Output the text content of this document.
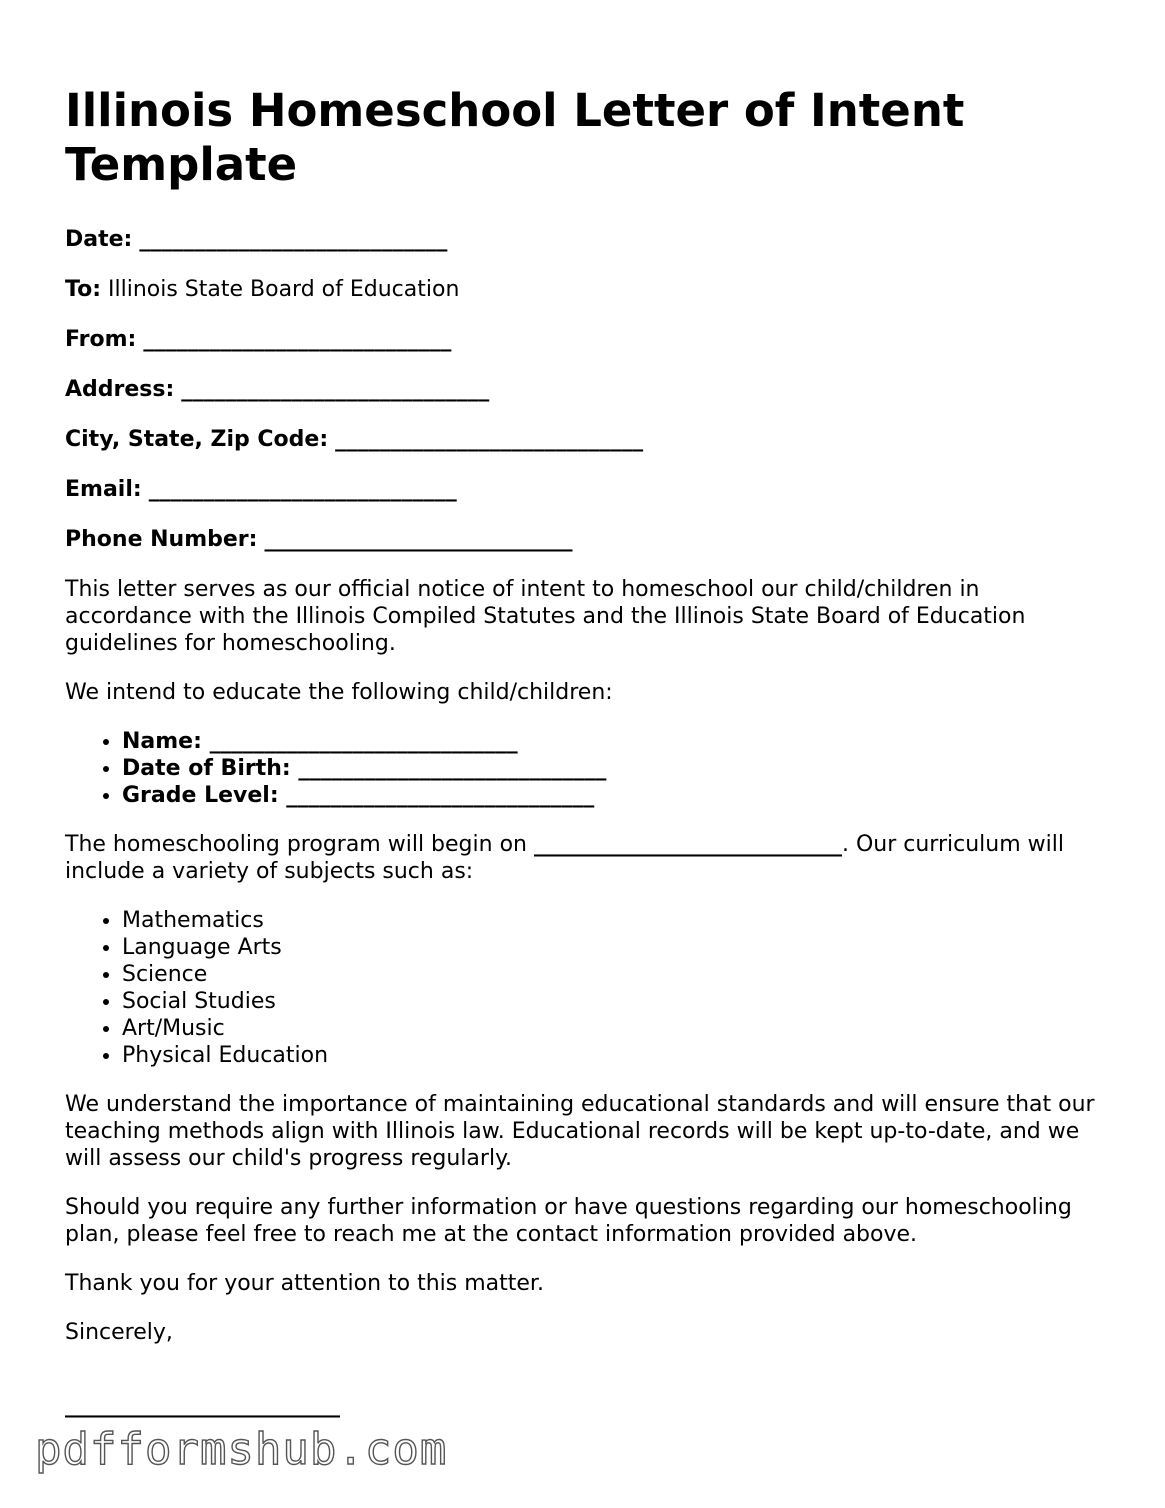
Illinois Homeschool Letter of Intent Template
Date: ____________________________
To: Illinois State Board of Education
From: ____________________________
Address: ____________________________
City, State, Zip Code: ____________________________
Email: ____________________________
Phone Number: ____________________________

This letter serves as our official notice of intent to homeschool our child/children in accordance with the Illinois Compiled Statutes and the Illinois State Board of Education guidelines for homeschooling.

We intend to educate the following child/children:

• Name: ____________________________
• Date of Birth: ____________________________
• Grade Level: ____________________________

The homeschooling program will begin on ____________________________. Our curriculum will include a variety of subjects such as:

• Mathematics
• Language Arts
• Science
• Social Studies
• Art/Music
• Physical Education

We understand the importance of maintaining educational standards and will ensure that our teaching methods align with Illinois law. Educational records will be kept up-to-date, and we will assess our child's progress regularly.

Should you require any further information or have questions regarding our homeschooling plan, please feel free to reach me at the contact information provided above.

Thank you for your attention to this matter.

Sincerely,

_________________________
pdfformshub.com
